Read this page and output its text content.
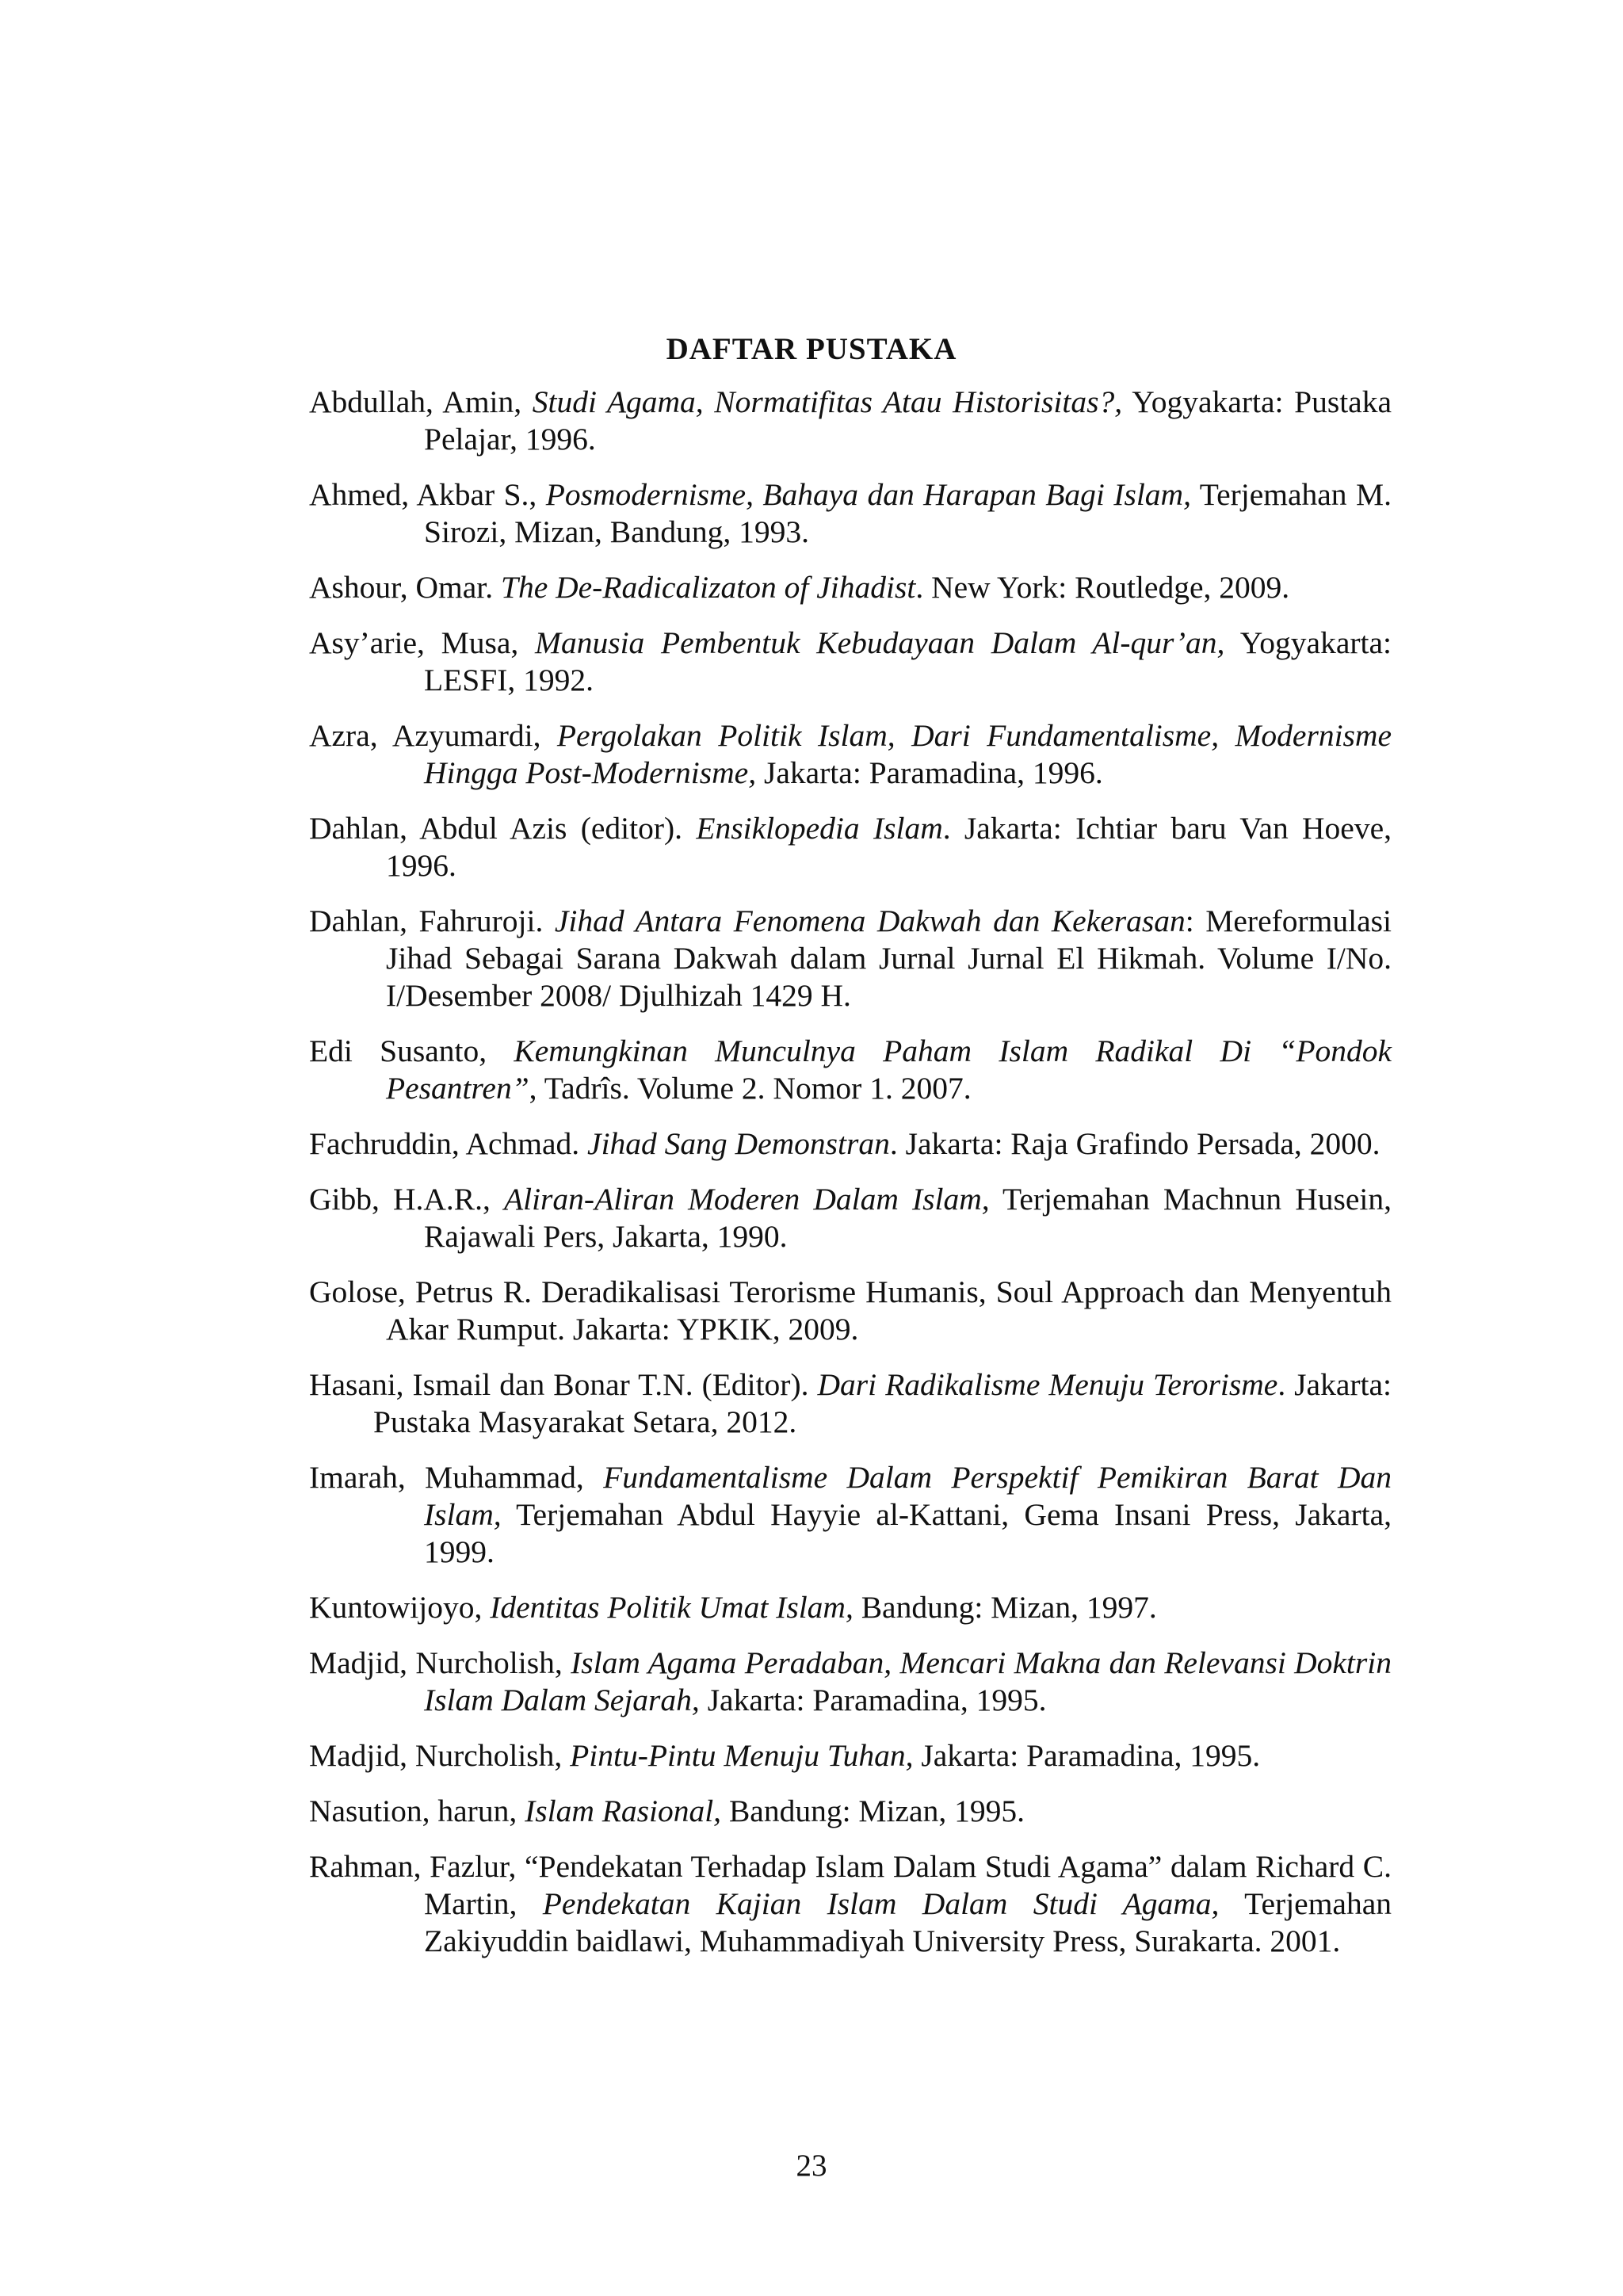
DAFTAR PUSTAKA
Abdullah, Amin, Studi Agama, Normatifitas Atau Historisitas?, Yogyakarta: Pustaka Pelajar, 1996.
Ahmed, Akbar S., Posmodernisme, Bahaya dan Harapan Bagi Islam, Terjemahan M. Sirozi, Mizan, Bandung, 1993.
Ashour, Omar. The De-Radicalizaton of Jihadist. New York: Routledge, 2009.
Asy’arie, Musa, Manusia Pembentuk Kebudayaan Dalam Al-qur’an, Yogyakarta: LESFI, 1992.
Azra, Azyumardi, Pergolakan Politik Islam, Dari Fundamentalisme, Modernisme Hingga Post-Modernisme, Jakarta: Paramadina, 1996.
Dahlan, Abdul Azis (editor). Ensiklopedia Islam. Jakarta: Ichtiar baru Van Hoeve, 1996.
Dahlan, Fahruroji. Jihad Antara Fenomena Dakwah dan Kekerasan: Mereformulasi Jihad Sebagai Sarana Dakwah dalam Jurnal Jurnal El Hikmah. Volume I/No. I/Desember 2008/ Djulhizah 1429 H.
Edi Susanto, Kemungkinan Munculnya Paham Islam Radikal Di “Pondok Pesantren”, Tadrîs. Volume 2. Nomor 1. 2007.
Fachruddin, Achmad. Jihad Sang Demonstran. Jakarta: Raja Grafindo Persada, 2000.
Gibb, H.A.R., Aliran-Aliran Moderen Dalam Islam, Terjemahan Machnun Husein, Rajawali Pers, Jakarta, 1990.
Golose, Petrus R. Deradikalisasi Terorisme Humanis, Soul Approach dan Menyentuh Akar Rumput. Jakarta: YPKIK, 2009.
Hasani, Ismail dan Bonar T.N. (Editor). Dari Radikalisme Menuju Terorisme. Jakarta: Pustaka Masyarakat Setara, 2012.
Imarah, Muhammad, Fundamentalisme Dalam Perspektif Pemikiran Barat Dan Islam, Terjemahan Abdul Hayyie al-Kattani, Gema Insani Press, Jakarta, 1999.
Kuntowijoyo, Identitas Politik Umat Islam, Bandung: Mizan, 1997.
Madjid, Nurcholish, Islam Agama Peradaban, Mencari Makna dan Relevansi Doktrin Islam Dalam Sejarah, Jakarta: Paramadina, 1995.
Madjid, Nurcholish, Pintu-Pintu Menuju Tuhan, Jakarta: Paramadina, 1995.
Nasution, harun, Islam Rasional, Bandung: Mizan, 1995.
Rahman, Fazlur, “Pendekatan Terhadap Islam Dalam Studi Agama” dalam Richard C. Martin, Pendekatan Kajian Islam Dalam Studi Agama, Terjemahan Zakiyuddin baidlawi, Muhammadiyah University Press, Surakarta. 2001.

23
